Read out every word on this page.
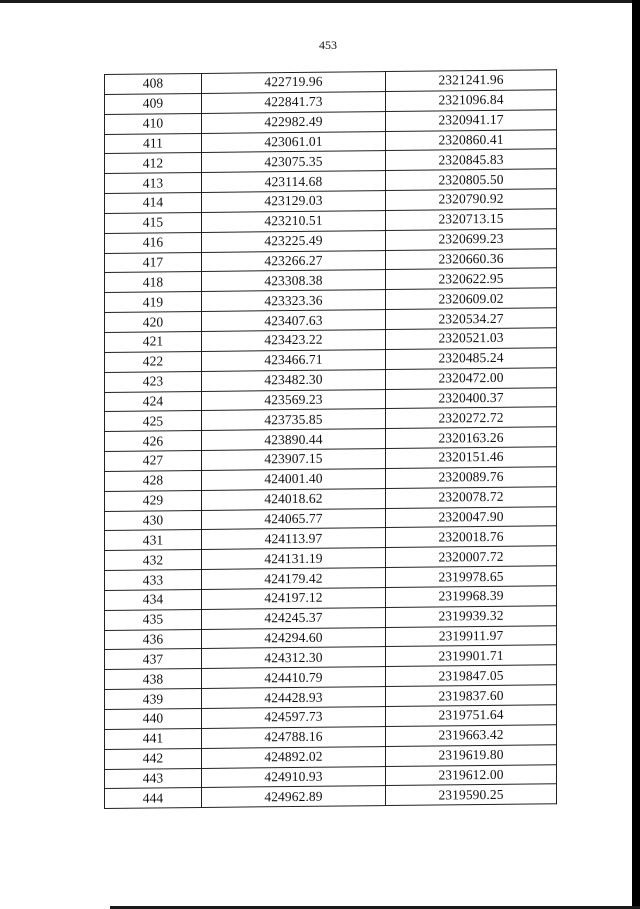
453
408	422719.96	2321241.96
409	422841.73	2321096.84
410	422982.49	2320941.17
411	423061.01	2320860.41
412	423075.35	2320845.83
413	423114.68	2320805.50
414	423129.03	2320790.92
415	423210.51	2320713.15
416	423225.49	2320699.23
417	423266.27	2320660.36
418	423308.38	2320622.95
419	423323.36	2320609.02
420	423407.63	2320534.27
421	423423.22	2320521.03
422	423466.71	2320485.24
423	423482.30	2320472.00
424	423569.23	2320400.37
425	423735.85	2320272.72
426	423890.44	2320163.26
427	423907.15	2320151.46
428	424001.40	2320089.76
429	424018.62	2320078.72
430	424065.77	2320047.90
431	424113.97	2320018.76
432	424131.19	2320007.72
433	424179.42	2319978.65
434	424197.12	2319968.39
435	424245.37	2319939.32
436	424294.60	2319911.97
437	424312.30	2319901.71
438	424410.79	2319847.05
439	424428.93	2319837.60
440	424597.73	2319751.64
441	424788.16	2319663.42
442	424892.02	2319619.80
443	424910.93	2319612.00
444	424962.89	2319590.25
